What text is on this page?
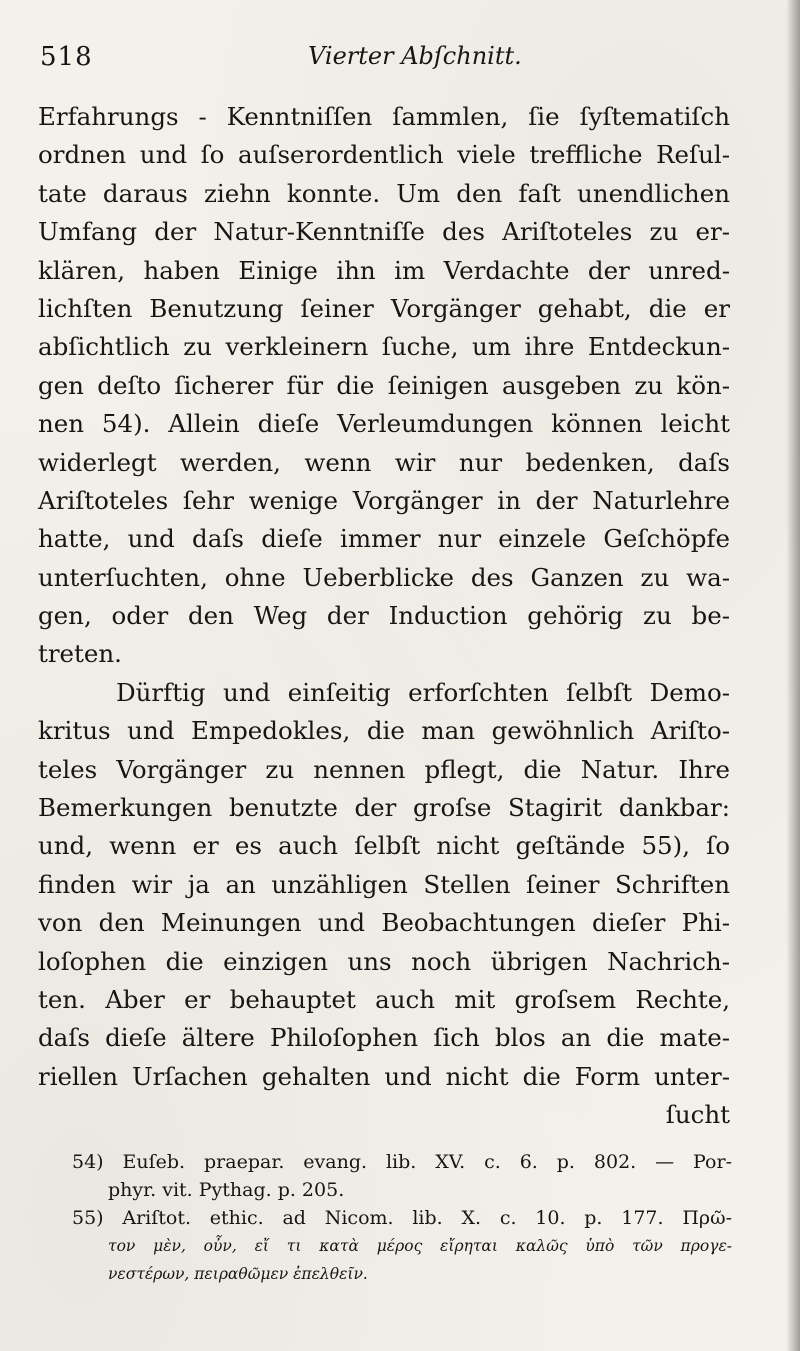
518	Vierter Abſchnitt.
Erfahrungs - Kenntniſſen ſammlen, ſie ſyſtematiſch
ordnen und ſo auſserordentlich viele treffliche Reſul-
tate daraus ziehn konnte. Um den faſt unendlichen
Umfang der Natur-Kenntniſſe des Ariſtoteles zu er-
klären, haben Einige ihn im Verdachte der unred-
lichſten Benutzung ſeiner Vorgänger gehabt, die er
abſichtlich zu verkleinern ſuche, um ihre Entdeckun-
gen deſto ſicherer für die ſeinigen ausgeben zu kön-
nen 54). Allein dieſe Verleumdungen können leicht
widerlegt werden, wenn wir nur bedenken, daſs
Ariſtoteles ſehr wenige Vorgänger in der Naturlehre
hatte, und daſs dieſe immer nur einzele Geſchöpfe
unterſuchten, ohne Ueberblicke des Ganzen zu wa-
gen, oder den Weg der Induction gehörig zu be-
treten.
Dürftig und einſeitig erforſchten ſelbſt Demo-
kritus und Empedokles, die man gewöhnlich Ariſto-
teles Vorgänger zu nennen pflegt, die Natur. Ihre
Bemerkungen benutzte der groſse Stagirit dankbar:
und, wenn er es auch ſelbſt nicht geſtände 55), ſo
finden wir ja an unzähligen Stellen ſeiner Schriften
von den Meinungen und Beobachtungen dieſer Phi-
loſophen die einzigen uns noch übrigen Nachrich-
ten. Aber er behauptet auch mit groſsem Rechte,
daſs dieſe ältere Philoſophen ſich blos an die mate-
riellen Urſachen gehalten und nicht die Form unter-
ſucht
54) Euſeb. praepar. evang. lib. XV. c. 6. p. 802. — Por-
phyr. vit. Pythag. p. 205.
55) Ariſtot. ethic. ad Nicom. lib. X. c. 10. p. 177. Πρῶ-
τον μὲν, οὖν, εἴ τι κατὰ μέρος εἴρηται καλῶς ὑπὸ τῶν προγε-
νεστέρων, πειραθῶμεν ἐπελθεῖν.
